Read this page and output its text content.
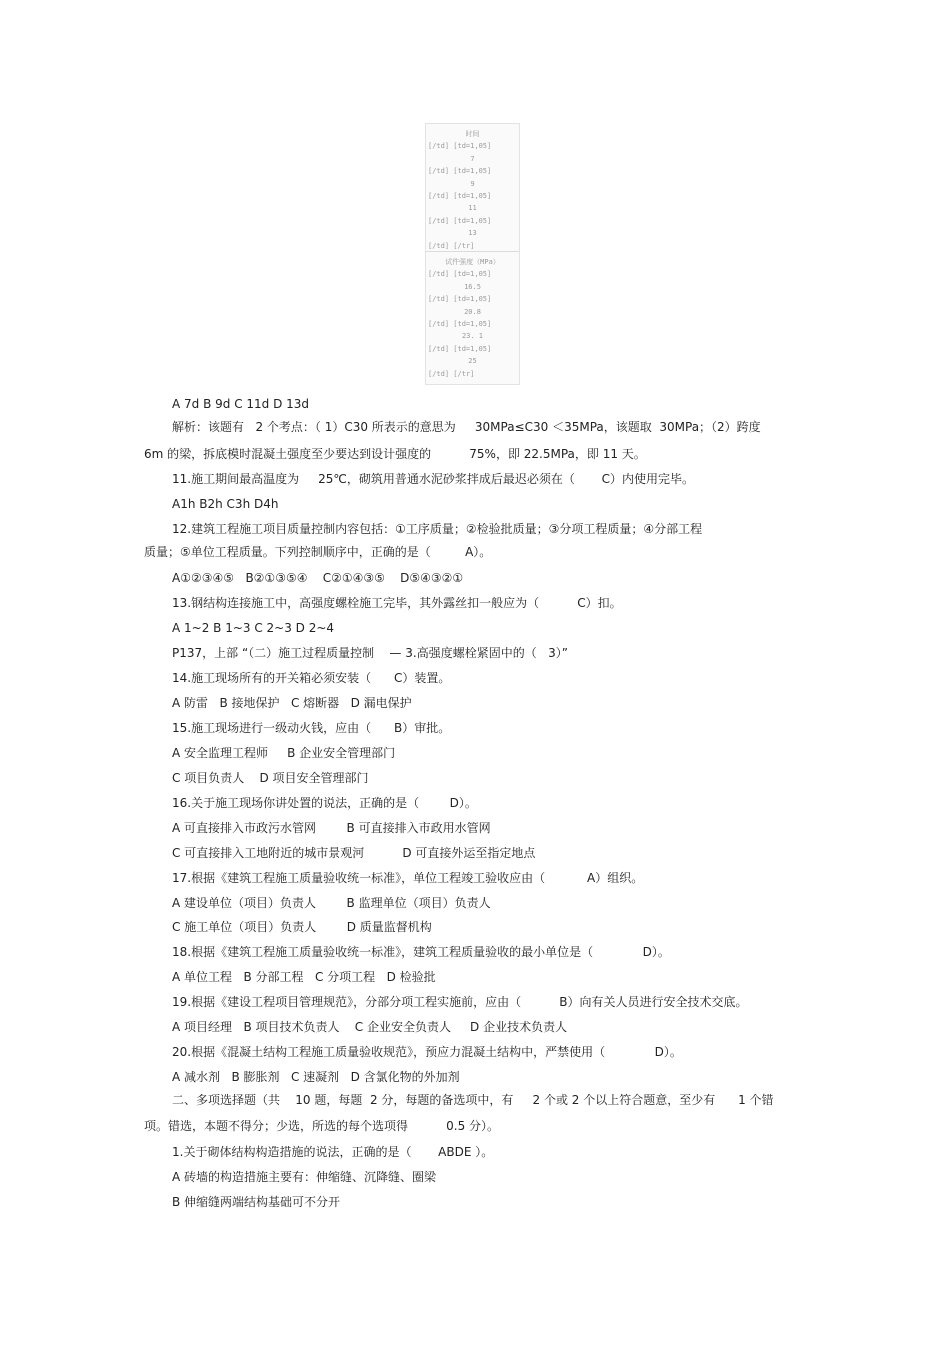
时间
[/td] [td=1,05]
7
[/td] [td=1,05]
9
[/td] [td=1,05]
11
[/td] [td=1,05]
13
[/td] [/tr]
试件强度（MPa）
[/td] [td=1,05]
16.5
[/td] [td=1,05]
20.8
[/td] [td=1,05]
23. 1
[/td] [td=1,05]
25
[/td] [/tr]
A 7d B 9d C 11d D 13d
解析：该题有   2 个考点：（ 1）C30 所表示的意思为     30MPa≤C30 ＜35MPa，该题取  30MPa；（2）跨度
6m 的梁，拆底模时混凝土强度至少要达到设计强度的          75%，即 22.5MPa，即 11 天。
11.施工期间最高温度为     25℃，砌筑用普通水泥砂浆拌成后最迟必须在（       C）内使用完毕。
A1h B2h C3h D4h
12.建筑工程施工项目质量控制内容包括：①工序质量；②检验批质量；③分项工程质量；④分部工程
质量；⑤单位工程质量。下列控制顺序中，正确的是（         A）。
A①②③④⑤   B②①③⑤④    C②①④③⑤    D⑤④③②①
13.钢结构连接施工中，高强度螺栓施工完毕，其外露丝扣一般应为（          C）扣。
A 1~2 B 1~3 C 2~3 D 2~4
P137，上部 “（二）施工过程质量控制    — 3.高强度螺栓紧固中的（   3）”
14.施工现场所有的开关箱必须安装（      C）装置。
A 防雷   B 接地保护   C 熔断器   D 漏电保护
15.施工现场进行一级动火钱，应由（      B）审批。
A 安全监理工程师     B 企业安全管理部门
C 项目负责人    D 项目安全管理部门
16.关于施工现场你讲处置的说法，正确的是（        D）。
A 可直接排入市政污水管网        B 可直接排入市政用水管网
C 可直接排入工地附近的城市景观河          D 可直接外运至指定地点
17.根据《建筑工程施工质量验收统一标准》，单位工程竣工验收应由（           A）组织。
A 建设单位（项目）负责人        B 监理单位（项目）负责人
C 施工单位（项目）负责人        D 质量监督机构
18.根据《建筑工程施工质量验收统一标准》，建筑工程质量验收的最小单位是（             D）。
A 单位工程   B 分部工程   C 分项工程   D 检验批
19.根据《建设工程项目管理规范》，分部分项工程实施前，应由（          B）向有关人员进行安全技术交底。
A 项目经理   B 项目技术负责人    C 企业安全负责人     D 企业技术负责人
20.根据《混凝土结构工程施工质量验收规范》，预应力混凝土结构中，严禁使用（             D）。
A 减水剂   B 膨胀剂   C 速凝剂   D 含氯化物的外加剂
二、多项选择题（共    10 题，每题  2 分，每题的备选项中，有     2 个或 2 个以上符合题意，至少有      1 个错
项。错选，本题不得分；少选，所选的每个选项得          0.5 分）。
1.关于砌体结构构造措施的说法，正确的是（       ABDE ）。
A 砖墙的构造措施主要有：伸缩缝、沉降缝、圈梁
B 伸缩缝两端结构基础可不分开
